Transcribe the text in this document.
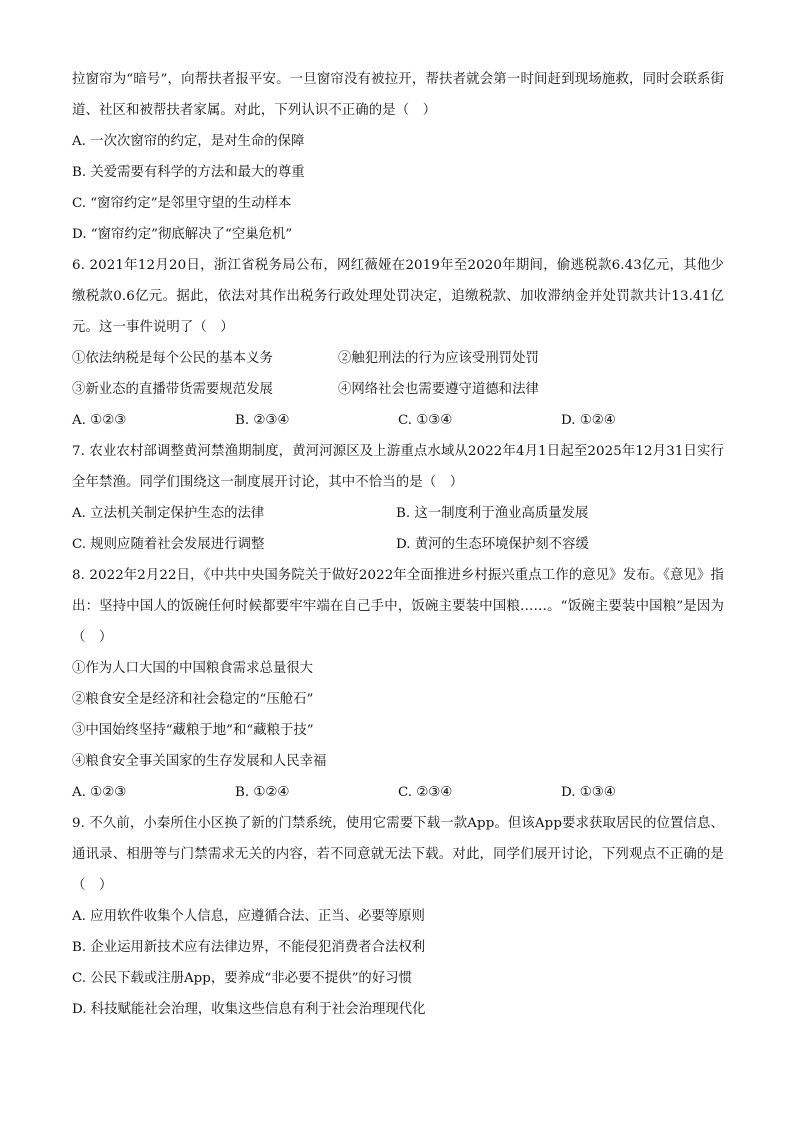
拉窗帘为“暗号”，向帮扶者报平安。一旦窗帘没有被拉开，帮扶者就会第一时间赶到现场施救，同时会联系街道、社区和被帮扶者家属。对此，下列认识不正确的是（　）

A. 一次次窗帘的约定，是对生命的保障
B. 关爱需要有科学的方法和最大的尊重
C. “窗帘约定”是邻里守望的生动样本
D. “窗帘约定”彻底解决了“空巢危机”

6. 2021年12月20日，浙江省税务局公布，网红薇娅在2019年至2020年期间，偷逃税款6.43亿元，其他少缴税款0.6亿元。据此，依法对其作出税务行政处理处罚决定，追缴税款、加收滞纳金并处罚款共计13.41亿元。这一事件说明了（　）

①依法纳税是每个公民的基本义务	②触犯刑法的行为应该受刑罚处罚
③新业态的直播带货需要规范发展	④网络社会也需要遵守道德和法律
A. ①②③	B. ②③④	C. ①③④	D. ①②④

7. 农业农村部调整黄河禁渔期制度，黄河河源区及上游重点水域从2022年4月1日起至2025年12月31日实行全年禁渔。同学们围绕这一制度展开讨论，其中不恰当的是（　）

A. 立法机关制定保护生态的法律	B. 这一制度利于渔业高质量发展
C. 规则应随着社会发展进行调整	D. 黄河的生态环境保护刻不容缓

8. 2022年2月22日，《中共中央国务院关于做好2022年全面推进乡村振兴重点工作的意见》发布。《意见》指出：坚持中国人的饭碗任何时候都要牢牢端在自己手中，饭碗主要装中国粮……。“饭碗主要装中国粮”是因为（　）

①作为人口大国的中国粮食需求总量很大
②粮食安全是经济和社会稳定的“压舱石”
③中国始终坚持“藏粮于地”和“藏粮于技”
④粮食安全事关国家的生存发展和人民幸福
A. ①②③	B. ①②④	C. ②③④	D. ①③④

9. 不久前，小秦所住小区换了新的门禁系统，使用它需要下载一款App。但该App要求获取居民的位置信息、通讯录、相册等与门禁需求无关的内容，若不同意就无法下载。对此，同学们展开讨论，下列观点不正确的是（　）

A. 应用软件收集个人信息，应遵循合法、正当、必要等原则
B. 企业运用新技术应有法律边界，不能侵犯消费者合法权利
C. 公民下载或注册App，要养成“非必要不提供”的好习惯
D. 科技赋能社会治理，收集这些信息有利于社会治理现代化
